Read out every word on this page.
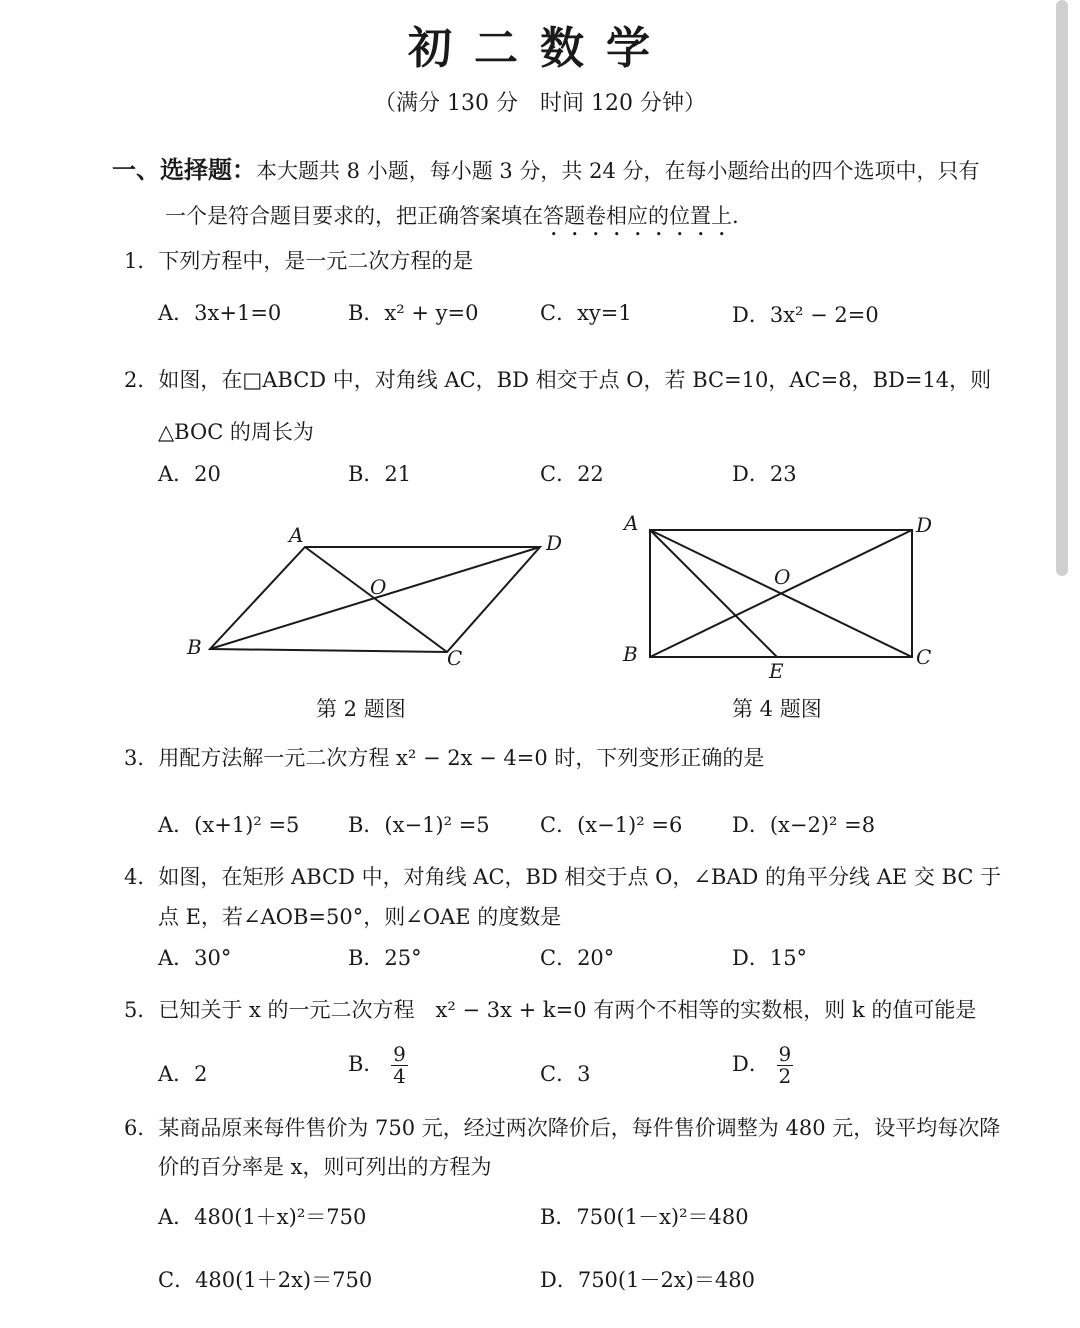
初二数学
（满分 130 分　时间 120 分钟）
一、选择题：本大题共 8 小题，每小题 3 分，共 24 分，在每小题给出的四个选项中，只有
一个是符合题目要求的，把正确答案填在答题卷相应的位置上.
1．下列方程中，是一元二次方程的是
A．3x+1=0	B．x² + y=0	C．xy=1	D．3x² − 2=0
2．如图，在□ABCD 中，对角线 AC，BD 相交于点 O，若 BC=10，AC=8，BD=14，则
△BOC 的周长为
A．20	B．21	C．22	D．23
A	D
O
B	C
A	D
O
B	C
E
第 2 题图	第 4 题图
3．用配方法解一元二次方程 x² − 2x − 4=0 时，下列变形正确的是
A．(x+1)² =5 B．(x−1)² =5 C．(x−1)² =6 D．(x−2)² =8
4．如图，在矩形 ABCD 中，对角线 AC，BD 相交于点 O，∠BAD 的角平分线 AE 交 BC 于
点 E，若∠AOB=50°，则∠OAE 的度数是
A．30°	B．25°	C．20°	D．15°
5．已知关于 x 的一元二次方程　x² − 3x + k=0 有两个不相等的实数根，则 k 的值可能是
A．2	B． $\frac{9}{4}$	C．3	D． $\frac{9}{2}$
6．某商品原来每件售价为 750 元，经过两次降价后，每件售价调整为 480 元，设平均每次降
价的百分率是 x，则可列出的方程为
A．480(1＋x)²＝750	B．750(1－x)²＝480
C．480(1＋2x)＝750	D．750(1－2x)＝480
